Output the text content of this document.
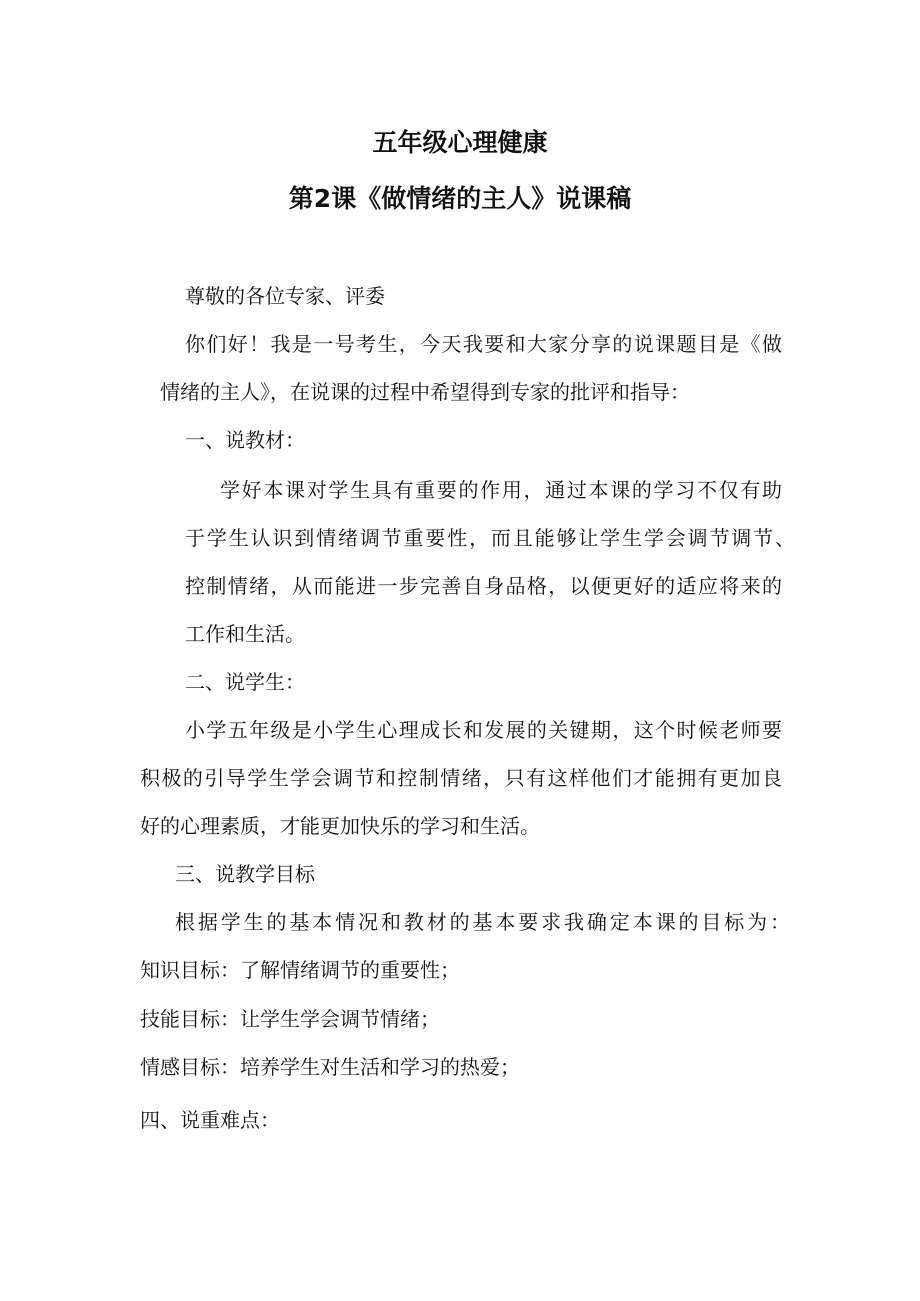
五年级心理健康
第2课《做情绪的主人》说课稿
尊敬的各位专家、评委
你们好！我是一号考生，今天我要和大家分享的说课题目是《做
情绪的主人》，在说课的过程中希望得到专家的批评和指导：
一、说教材：
学好本课对学生具有重要的作用，通过本课的学习不仅有助
于学生认识到情绪调节重要性，而且能够让学生学会调节调节、
控制情绪，从而能进一步完善自身品格，以便更好的适应将来的
工作和生活。
二、说学生：
小学五年级是小学生心理成长和发展的关键期，这个时候老师要
积极的引导学生学会调节和控制情绪，只有这样他们才能拥有更加良
好的心理素质，才能更加快乐的学习和生活。
三、说教学目标
根据学生的基本情况和教材的基本要求我确定本课的目标为：
知识目标：了解情绪调节的重要性；
技能目标：让学生学会调节情绪；
情感目标：培养学生对生活和学习的热爱；
四、说重难点：
